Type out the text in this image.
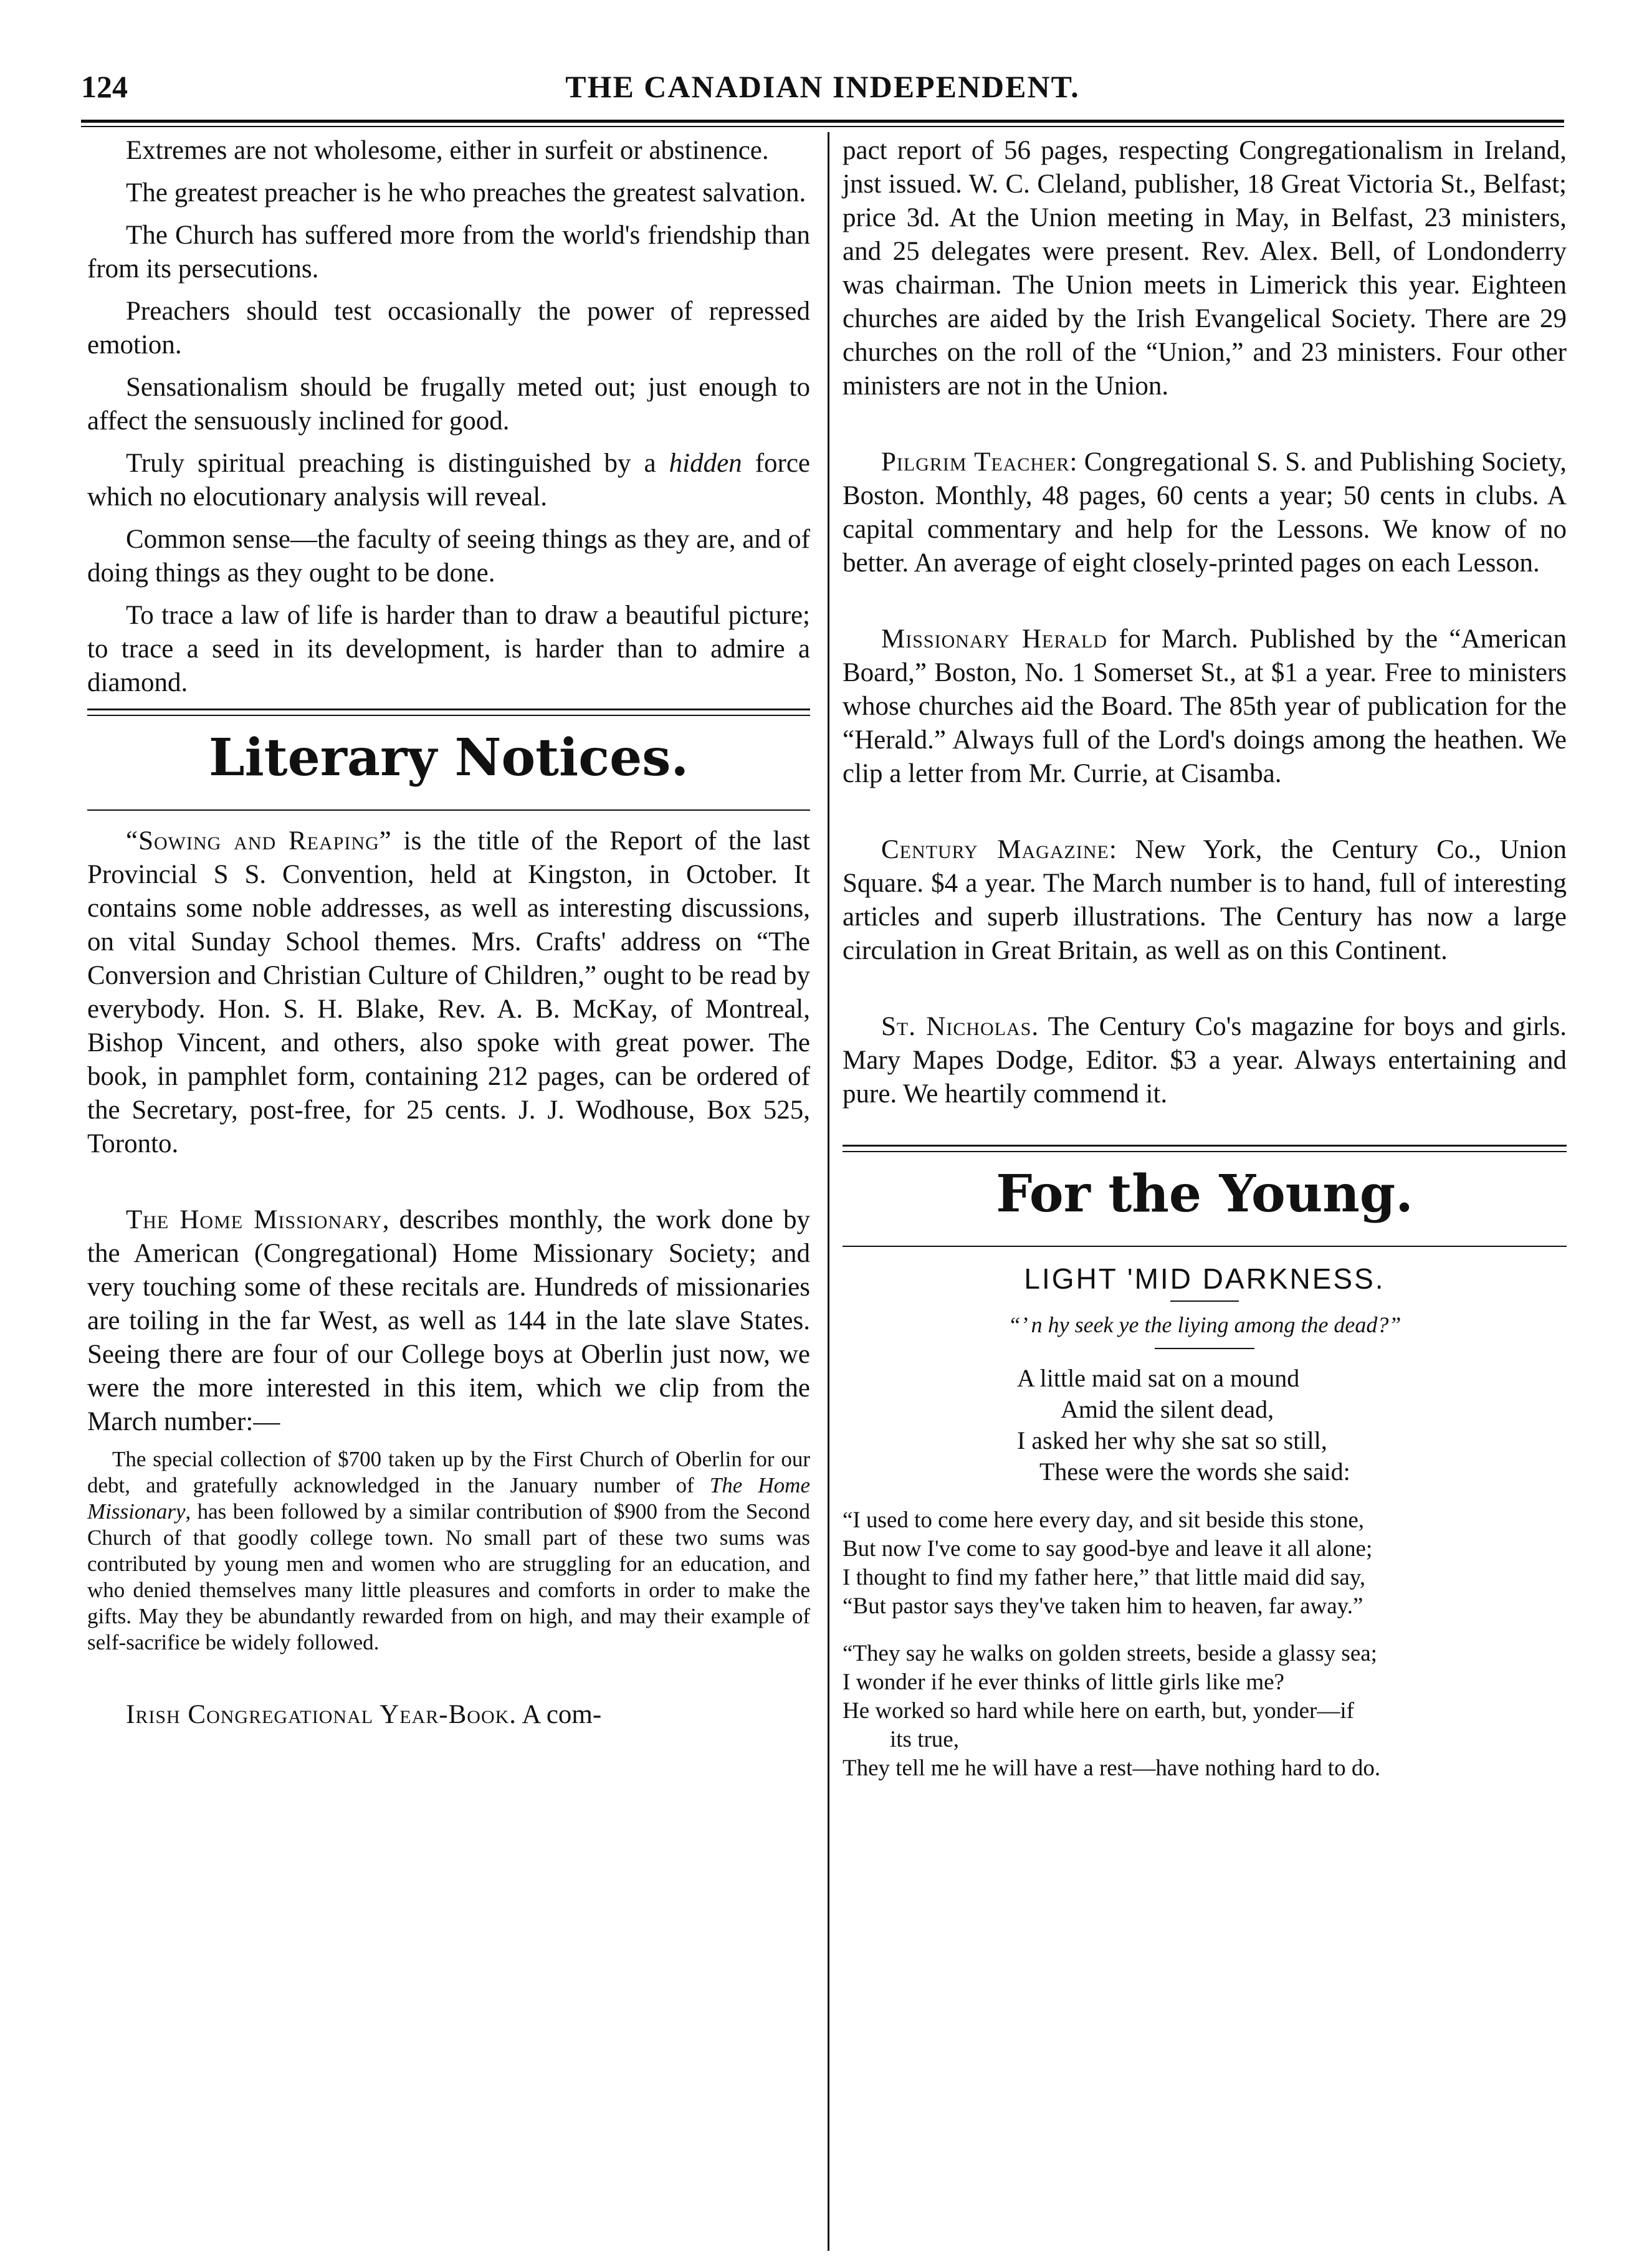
124	THE CANADIAN INDEPENDENT.

Extremes are not wholesome, either in surfeit or abstinence.

The greatest preacher is he who preaches the greatest salvation.

The Church has suffered more from the world's friendship than from its persecutions.

Preachers should test occasionally the power of repressed emotion.

Sensationalism should be frugally meted out; just enough to affect the sensuously inclined for good.

Truly spiritual preaching is distinguished by a hidden force which no elocutionary analysis will reveal.

Common sense—the faculty of seeing things as they are, and of doing things as they ought to be done.

To trace a law of life is harder than to draw a beautiful picture; to trace a seed in its development, is harder than to admire a diamond.

Literary Notices.

“Sowing and Reaping” is the title of the Report of the last Provincial S S. Convention, held at Kingston, in October. It contains some noble addresses, as well as interesting discussions, on vital Sunday School themes. Mrs. Crafts' address on “The Conversion and Christian Culture of Children,” ought to be read by everybody. Hon. S. H. Blake, Rev. A. B. McKay, of Montreal, Bishop Vincent, and others, also spoke with great power. The book, in pamphlet form, containing 212 pages, can be ordered of the Secretary, post-free, for 25 cents. J. J. Wodhouse, Box 525, Toronto.

The Home Missionary, describes monthly, the work done by the American (Congregational) Home Missionary Society; and very touching some of these recitals are. Hundreds of missionaries are toiling in the far West, as well as 144 in the late slave States. Seeing there are four of our College boys at Oberlin just now, we were the more interested in this item, which we clip from the March number:—

The special collection of $700 taken up by the First Church of Oberlin for our debt, and gratefully acknowledged in the January number of The Home Missionary, has been followed by a similar contribution of $900 from the Second Church of that goodly college town. No small part of these two sums was contributed by young men and women who are struggling for an education, and who denied themselves many little pleasures and comforts in order to make the gifts. May they be abundantly rewarded from on high, and may their example of self-sacrifice be widely followed.

Irish Congregational Year-Book. A com-

pact report of 56 pages, respecting Congregationalism in Ireland, jnst issued. W. C. Cleland, publisher, 18 Great Victoria St., Belfast; price 3d. At the Union meeting in May, in Belfast, 23 ministers, and 25 delegates were present. Rev. Alex. Bell, of Londonderry was chairman. The Union meets in Limerick this year. Eighteen churches are aided by the Irish Evangelical Society. There are 29 churches on the roll of the “Union,” and 23 ministers. Four other ministers are not in the Union.

Pilgrim Teacher: Congregational S. S. and Publishing Society, Boston. Monthly, 48 pages, 60 cents a year; 50 cents in clubs. A capital commentary and help for the Lessons. We know of no better. An average of eight closely-printed pages on each Lesson.

Missionary Herald for March. Published by the “American Board,” Boston, No. 1 Somerset St., at $1 a year. Free to ministers whose churches aid the Board. The 85th year of publication for the “Herald.” Always full of the Lord's doings among the heathen. We clip a letter from Mr. Currie, at Cisamba.

Century Magazine: New York, the Century Co., Union Square. $4 a year. The March number is to hand, full of interesting articles and superb illustrations. The Century has now a large circulation in Great Britain, as well as on this Continent.

St. Nicholas. The Century Co's magazine for boys and girls. Mary Mapes Dodge, Editor. $3 a year. Always entertaining and pure. We heartily commend it.

For the Young.

LIGHT 'MID DARKNESS.

“’ n hy seek ye the liying among the dead?”

A little maid sat on a mound
Amid the silent dead,
I asked her why she sat so still,
These were the words she said:
“I used to come here every day, and sit beside this stone,
But now I've come to say good-bye and leave it all alone;
I thought to find my father here,” that little maid did say,
“But pastor says they've taken him to heaven, far away.”
“They say he walks on golden streets, beside a glassy sea;
I wonder if he ever thinks of little girls like me?
He worked so hard while here on earth, but, yonder—if
its true,
They tell me he will have a rest—have nothing hard to do.
